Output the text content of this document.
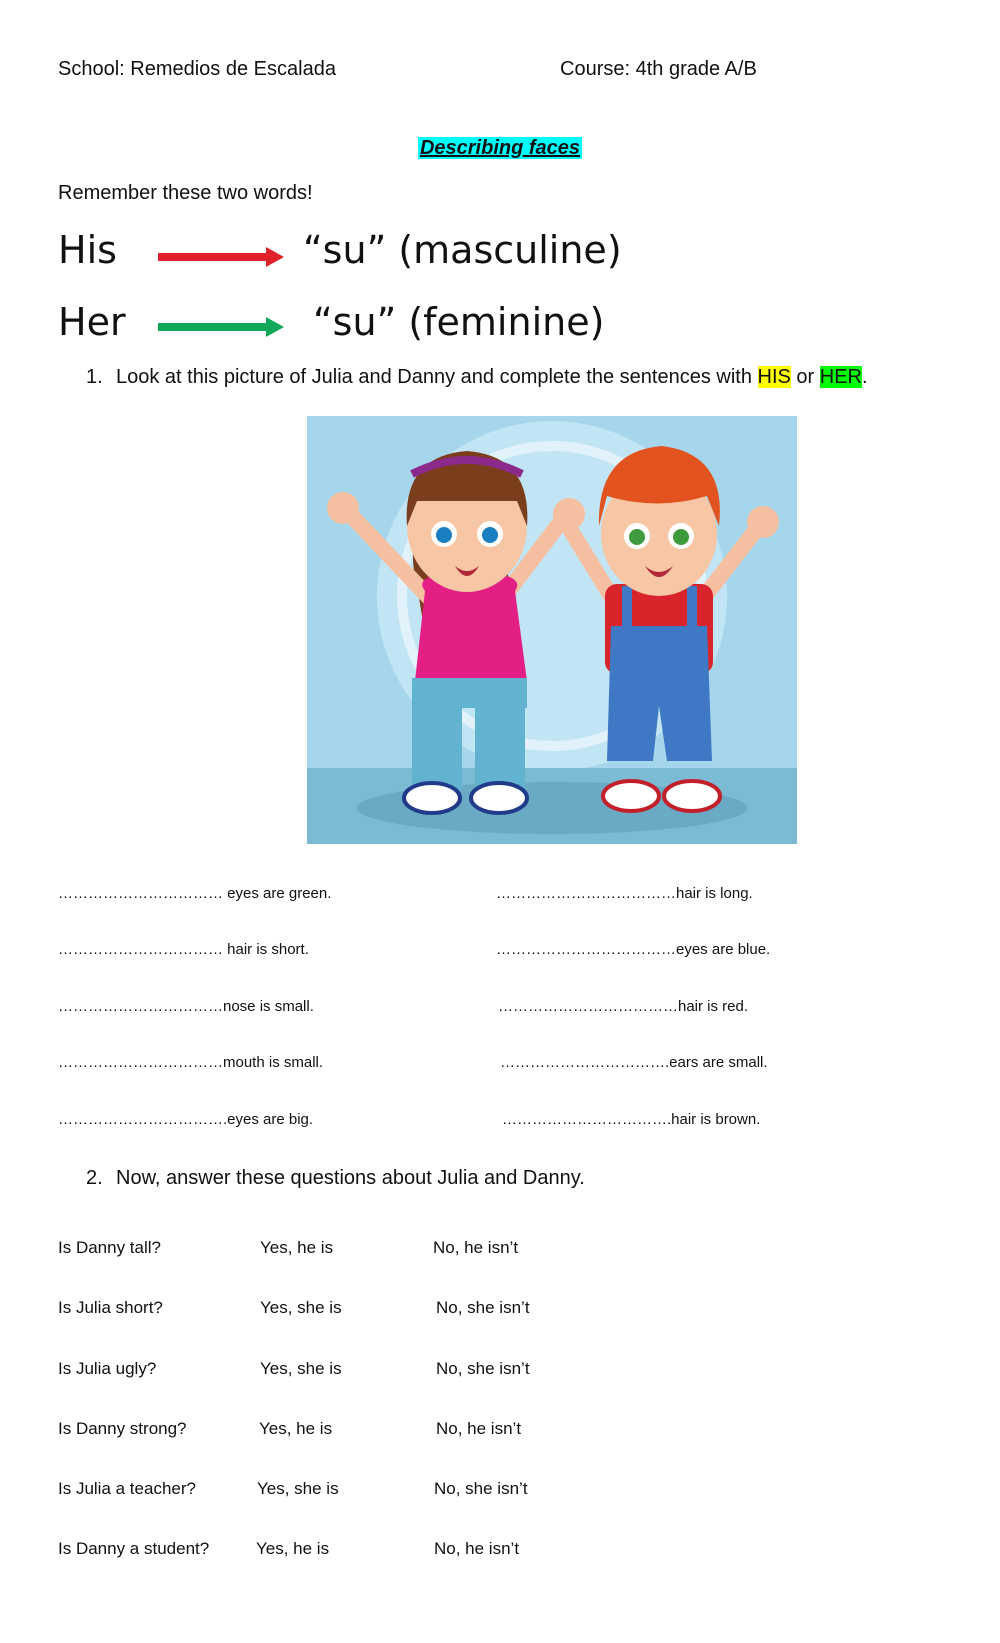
School: Remedios de Escalada	Course: 4th grade A/B
Describing faces
Remember these two words!
His	“su” (masculine)
Her	“su” (feminine)
1. Look at this picture of Julia and Danny and complete the sentences with HIS or HER.
…………………………… eyes are green.
…………………………… hair is short.
……………………………nose is small.
……………………………mouth is small.
…………………………….eyes are big.
………………………………hair is long.
………………………………eyes are blue.
………………………………hair is red.
…………………………….ears are small.
…………………………….hair is brown.
2. Now, answer these questions about Julia and Danny.
Is Danny tall?	Yes, he is	No, he isn’t
Is Julia short?	Yes, she is	No, she isn’t
Is Julia ugly?	Yes, she is	No, she isn’t
Is Danny strong?	Yes, he is	No, he isn’t
Is Julia a teacher?	Yes, she is	No, she isn’t
Is Danny a student?	Yes, he is	No, he isn’t
